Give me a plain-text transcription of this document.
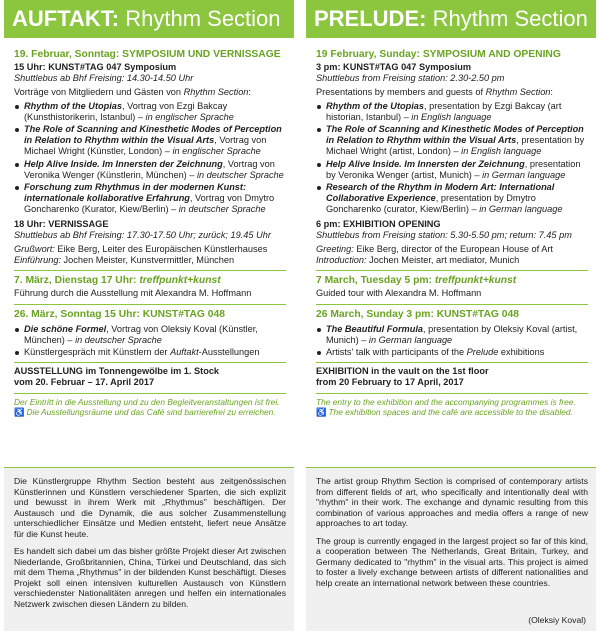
AUFTAKT: Rhythm Section
19. Februar, Sonntag: SYMPOSIUM UND VERNISSAGE
15 Uhr: KUNST#TAG 047 Symposium
Shuttlebus ab Bhf Freising: 14.30-14.50 Uhr
Vorträge von Mitgliedern und Gästen von Rhythm Section:
Rhythm of the Utopias, Vortrag von Ezgi Bakcay (Kunsthistorikerin, Istanbul) – in englischer Sprache
The Role of Scanning and Kinesthetic Modes of Perception in Relation to Rhythm within the Visual Arts, Vortrag von Michael Wright (Künstler, London) – in englischer Sprache
Help Alive Inside. Im Innersten der Zeichnung, Vortrag von Veronika Wenger (Künstlerin, München) – in deutscher Sprache
Forschung zum Rhythmus in der modernen Kunst: internationale kollaborative Erfahrung, Vortrag von Dmytro Goncharenko (Kurator, Kiew/Berlin) – in deutscher Sprache
18 Uhr: VERNISSAGE
Shuttlebus ab Bhf Freising: 17.30-17.50 Uhr; zurück; 19.45 Uhr
Grußwort: Eike Berg, Leiter des Europäischen Künstlerhauses
Einführung: Jochen Meister, Kunstvermittler, München
7. März, Dienstag 17 Uhr: treffpunkt+kunst
Führung durch die Ausstellung mit Alexandra M. Hoffmann
26. März, Sonntag 15 Uhr: KUNST#TAG 048
Die schöne Formel, Vortrag von Oleksiy Koval (Künstler, München) – in deutscher Sprache
Künstlergespräch mit Künstlern der Auftakt-Ausstellungen
AUSSTELLUNG im Tonnengewölbe im 1. Stock
vom 20. Februar – 17. April 2017
Der Eintritt in die Ausstellung und zu den Begleitveranstaltungen ist frei.
♿ Die Ausstellungsräume und das Café sind barrierefrei zu erreichen.
PRELUDE: Rhythm Section
19 February, Sunday: SYMPOSIUM AND OPENING
3 pm: KUNST#TAG 047 Symposium
Shuttlebus from Freising station: 2.30-2.50 pm
Presentations by members and guests of Rhythm Section:
Rhythm of the Utopias, presentation by Ezgi Bakcay (art historian, Istanbul) – in English language
The Role of Scanning and Kinesthetic Modes of Perception in Relation to Rhythm within the Visual Arts, presentation by Michael Wright (artist, London) – in English language
Help Alive Inside. Im Innersten der Zeichnung, presentation by Veronika Wenger (artist, Munich) – in German language
Research of the Rhythm in Modern Art: International Collaborative Experience, presentation by Dmytro Goncharenko (curator, Kiew/Berlin) – in German language
6 pm: EXHIBITION OPENING
Shuttlebus from Freising station: 5.30-5.50 pm; return: 7.45 pm
Greeting: Eike Berg, director of the European House of Art
Introduction: Jochen Meister, art mediator, Munich
7 March, Tuesday 5 pm: treffpunkt+kunst
Guided tour with Alexandra M. Hoffmann
26 March, Sunday 3 pm: KUNST#TAG 048
The Beautiful Formula, presentation by Oleksiy Koval (artist, Munich) – in German language
Artists' talk with participants of the Prelude exhibitions
EXHIBITION in the vault on the 1st floor
from 20 February to 17 April, 2017
The entry to the exhibition and the accompanying programmes is free.
♿ The exhibition spaces and the café are accessible to the disabled.
Die Künstlergruppe Rhythm Section besteht aus zeitgenössischen Künstlerinnen und Künstlern verschiedener Sparten, die sich explizit und bewusst in ihrem Werk mit „Rhythmus" beschäftigen. Der Austausch und die Dynamik, die aus solcher Zusammenstellung unterschiedlicher Einsätze und Medien entsteht, liefert neue Ansätze für die Kunst heute.
Es handelt sich dabei um das bisher größte Projekt dieser Art zwischen Niederlande, Großbritannien, China, Türkei und Deutschland, das sich mit dem Thema „Rhythmus" in der bildenden Kunst beschäftigt. Dieses Projekt soll einen intensiven kulturellen Austausch von Künstlern verschiedenster Nationalitäten anregen und helfen ein internationales Netzwerk zwischen diesen Ländern zu bilden.
The artist group Rhythm Section is comprised of contemporary artists from different fields of art, who specifically and intentionally deal with "rhythm" in their work. The exchange and dynamic resulting from this combination of various approaches and media offers a range of new approaches to art today.
The group is currently engaged in the largest project so far of this kind, a cooperation between The Netherlands, Great Britain, Turkey, and Germany dedicated to "rhythm" in the visual arts. This project is aimed to foster a lively exchange between artists of different nationalities and help create an international network between these countries.
(Oleksiy Koval)
